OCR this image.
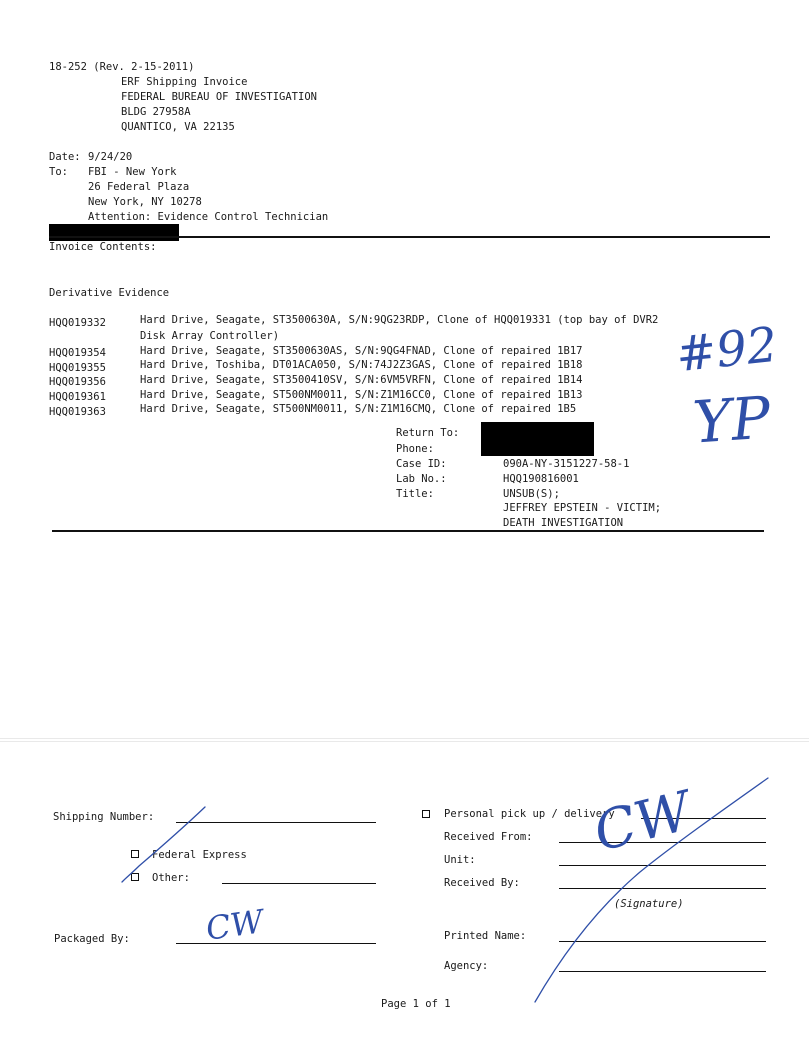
18-252 (Rev. 2-15-2011)
ERF Shipping Invoice
FEDERAL BUREAU OF INVESTIGATION
BLDG 27958A
QUANTICO, VA 22135
Date: 9/24/20
To: FBI - New York
26 Federal Plaza
New York, NY 10278
Attention: Evidence Control Technician
Invoice Contents:
Derivative Evidence
HQQ019332	Hard Drive, Seagate, ST3500630A, S/N:9QG23RDP, Clone of HQQ019331 (top bay of DVR2
Disk Array Controller)
HQQ019354	Hard Drive, Seagate, ST3500630AS, S/N:9QG4FNAD, Clone of repaired 1B17
HQQ019355	Hard Drive, Toshiba, DT01ACA050, S/N:74J2Z3GAS, Clone of repaired 1B18
HQQ019356	Hard Drive, Seagate, ST3500410SV, S/N:6VM5VRFN, Clone of repaired 1B14
HQQ019361	Hard Drive, Seagate, ST500NM0011, S/N:Z1M16CC0, Clone of repaired 1B13
HQQ019363	Hard Drive, Seagate, ST500NM0011, S/N:Z1M16CMQ, Clone of repaired 1B5
Return To:
Phone:
Case ID:	090A-NY-3151227-58-1
Lab No.:	HQQ190816001
Title:	UNSUB(S);
JEFFREY EPSTEIN - VICTIM;
DEATH INVESTIGATION
#92
YP
Shipping Number:
Federal Express
Other:
Packaged By: CW
Personal pick up / delivery
Received From:
Unit:
Received By:
(Signature)
CW
Printed Name:
Agency:
Page 1 of 1
